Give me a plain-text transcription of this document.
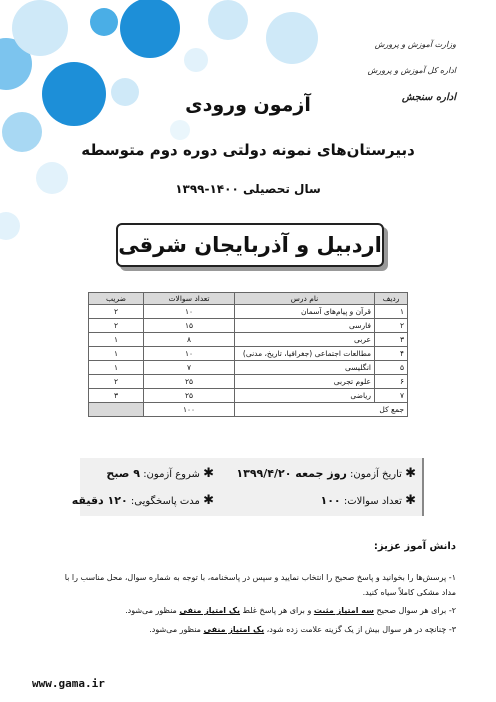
وزارت آموزش و پرورش
اداره کل آموزش و پرورش
اداره سنجش
آزمون ورودی
دبیرستان‌های نمونه دولتی دوره دوم متوسطه
سال تحصیلی ۱۴۰۰-۱۳۹۹
اردبیل و آذربایجان شرقی
ردیف	نام درس	تعداد سوالات	ضریب
۱	قرآن و پیام‌های آسمان	۱۰	۲
۲	فارسی	۱۵	۲
۳	عربی	۸	۱
۴	مطالعات اجتماعی (جغرافیا، تاریخ، مدنی)	۱۰	۱
۵	انگلیسی	۷	۱
۶	علوم تجربی	۲۵	۲
۷	ریاضی	۲۵	۳
جمع کل		۱۰۰	
✱ تاریخ آزمون: روز جمعه ۱۳۹۹/۴/۲۰
✱ شروع آزمون: ۹ صبح
✱ تعداد سوالات: ۱۰۰
✱ مدت پاسخگویی: ۱۲۰ دقیقه
دانش آموز عزیز:
۱- پرسش‌ها را بخوانید و پاسخ صحیح را انتخاب نمایید و سپس در پاسخنامه، با توجه به شماره سوال، محل مناسب را با
مداد مشکی کاملاً سیاه کنید.
۲- برای هر سوال صحیح سه امتیاز مثبت و برای هر پاسخ غلط یک امتیاز منفی منظور می‌شود.
۳- چنانچه در هر سوال بیش از یک گزینه علامت زده شود، یک امتیاز منفی منظور می‌شود.
www.gama.ir
